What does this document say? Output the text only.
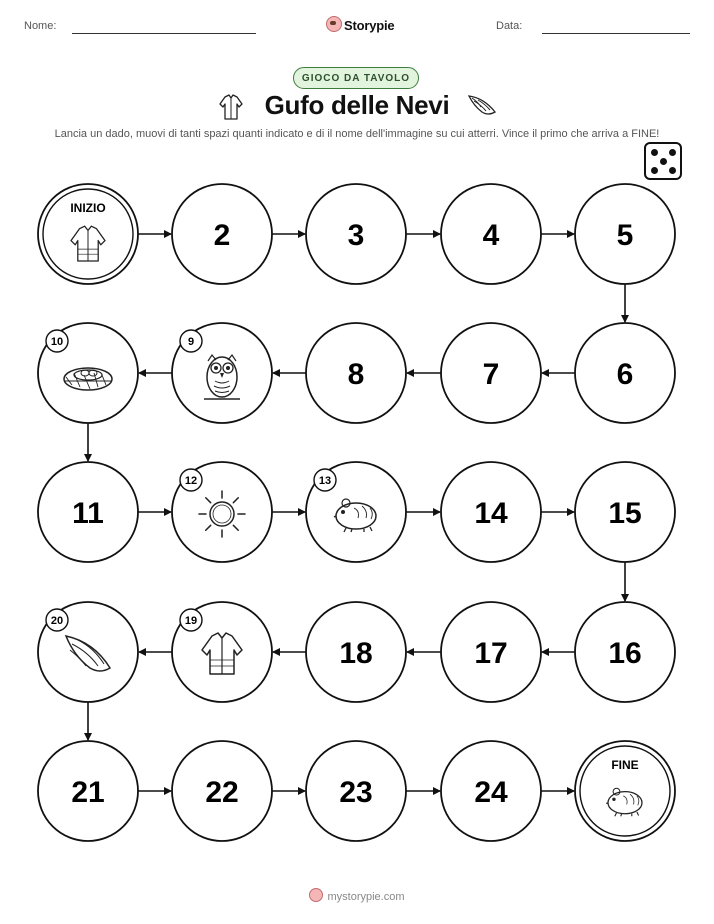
Nome:	Storypie	Data:
GIOCO DA TAVOLO
Gufo delle Nevi
Lancia un dado, muovi di tanti spazi quanti indicato e di il nome dell'immagine su cui atterri. Vince il primo che arriva a FINE!
INIZIO
2	3	4	5
6
7
8
9
10
11
12	13
14	15
16
17
18
19
20
21	22	23	24
FINE
mystorypie.com
